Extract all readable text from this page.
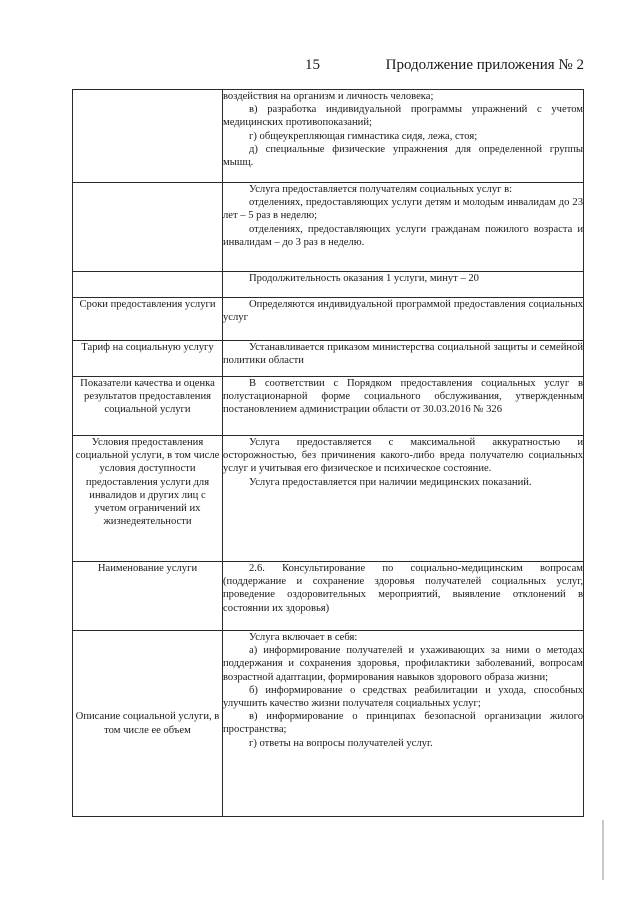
15	Продолжение приложения № 2

	воздействия на организм и личность человека;

в) разработка индивидуальной программы упражнений с учетом медицинских противопоказаний;

г) общеукрепляющая гимнастика сидя, лежа, стоя;

д) специальные физические упражнения для определенной группы мышц.

	Услуга предоставляется получателям социальных услуг в:

отделениях, предоставляющих услуги детям и молодым инвалидам до 23 лет – 5 раз в неделю;

отделениях, предоставляющих услуги гражданам пожилого возраста и инвалидам – до 3 раз в неделю.

	Продолжительность оказания 1 услуги, минут – 20

Сроки предоставления услуги	Определяются индивидуальной программой предоставления социальных услуг

Тариф на социальную услугу	Устанавливается приказом министерства социальной защиты и семейной политики области

Показатели качества и оценка результатов предоставления социальной услуги	В соответствии с Порядком предоставления социальных услуг в полустационарной форме социального обслуживания, утвержденным постановлением администрации области от 30.03.2016 № 326

Условия предоставления социальной услуги, в том числе условия доступности предоставления услуги для инвалидов и других лиц с учетом ограничений их жизнедеятельности	Услуга предоставляется с максимальной аккуратностью и осторожностью, без причинения какого-либо вреда получателю социальных услуг и учитывая его физическое и психическое состояние.

Услуга предоставляется при наличии медицинских показаний.

Наименование услуги	2.6. Консультирование по социально-медицинским вопросам (поддержание и сохранение здоровья получателей социальных услуг, проведение оздоровительных мероприятий, выявление отклонений в состоянии их здоровья)

Описание социальной услуги, в том числе ее объем	Услуга включает в себя:

а) информирование получателей и ухаживающих за ними о методах поддержания и сохранения здоровья, профилактики заболеваний, вопросам возрастной адаптации, формирования навыков здорового образа жизни;

б) информирование о средствах реабилитации и ухода, способных улучшить качество жизни получателя социальных услуг;

в) информирование о принципах безопасной организации жилого пространства;

г) ответы на вопросы получателей услуг.
